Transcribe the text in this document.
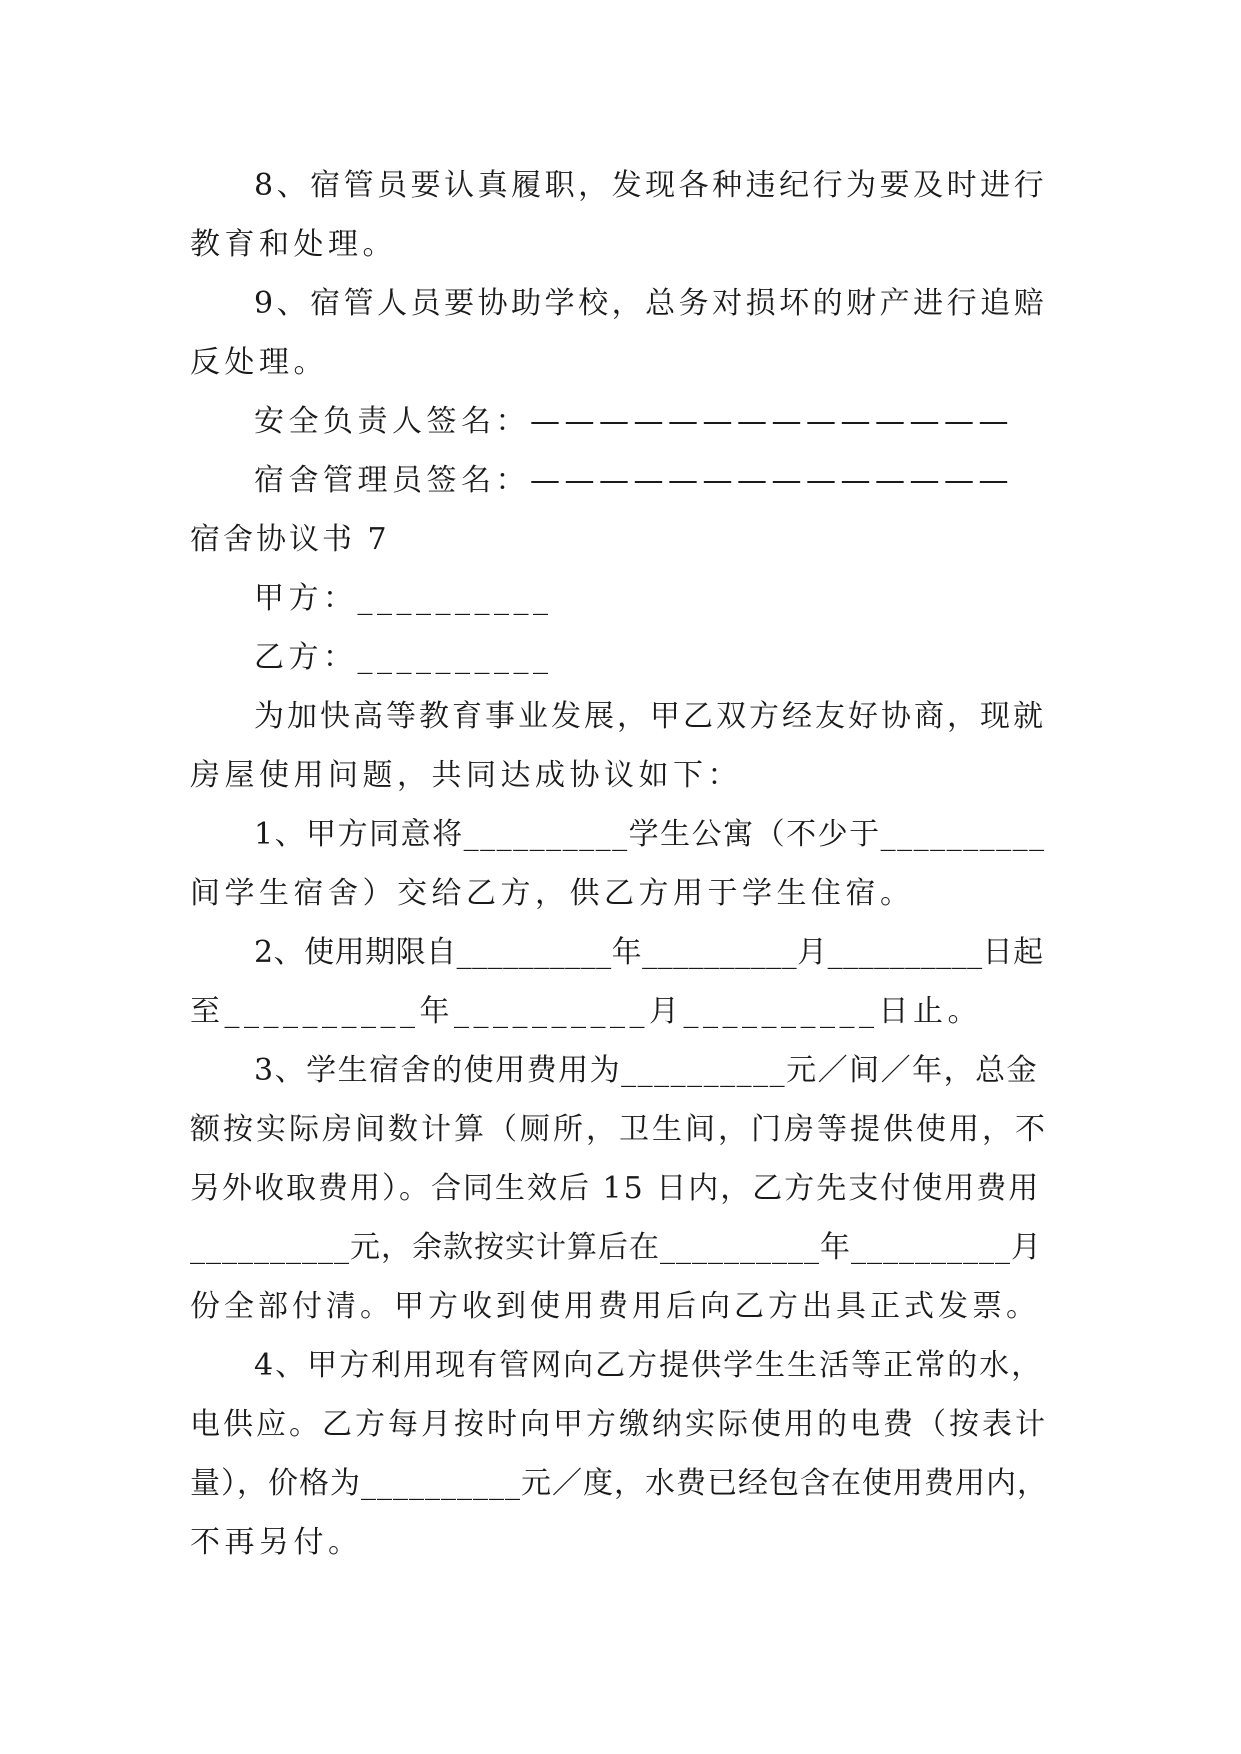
8、宿管员要认真履职，发现各种违纪行为要及时进行
教育和处理。
9、宿管人员要协助学校，总务对损坏的财产进行追赔
反处理。
安全负责人签名：——————————————
宿舍管理员签名：——————————————
宿舍协议书 7
甲方：__________
乙方：__________
为加快高等教育事业发展，甲乙双方经友好协商，现就
房屋使用问题，共同达成协议如下：
1、甲方同意将__________学生公寓（不少于__________
间学生宿舍）交给乙方，供乙方用于学生住宿。
2、使用期限自__________年__________月__________日起
至__________年__________月__________日止。
3、学生宿舍的使用费用为__________元／间／年，总金
额按实际房间数计算（厕所，卫生间，门房等提供使用，不
另外收取费用）。合同生效后 15 日内，乙方先支付使用费用
__________元，余款按实计算后在__________年__________月
份全部付清。甲方收到使用费用后向乙方出具正式发票。
4、甲方利用现有管网向乙方提供学生生活等正常的水，
电供应。乙方每月按时向甲方缴纳实际使用的电费（按表计
量），价格为__________元／度，水费已经包含在使用费用内，
不再另付。
